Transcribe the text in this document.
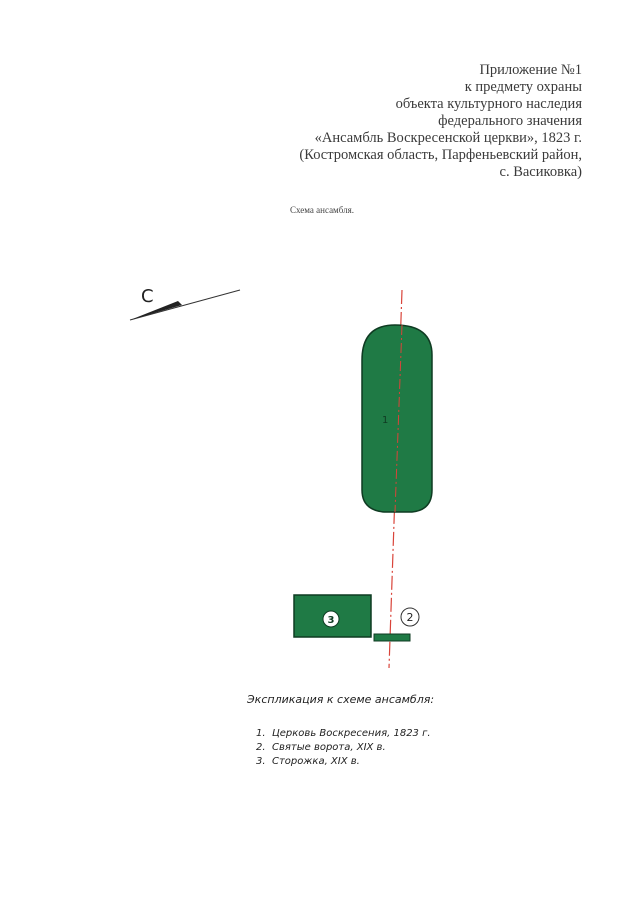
Приложение №1
к предмету охраны
объекта культурного наследия
федерального значения
«Ансамбль Воскресенской церкви», 1823 г.
(Костромская область, Парфеньевский район,
с. Васиковка)
Схема ансамбля.
С
1
3	2
Экспликация к схеме ансамбля:
1. Церковь Воскресения, 1823 г.
2. Святые ворота, XIX в.
3. Сторожка, XIX в.
